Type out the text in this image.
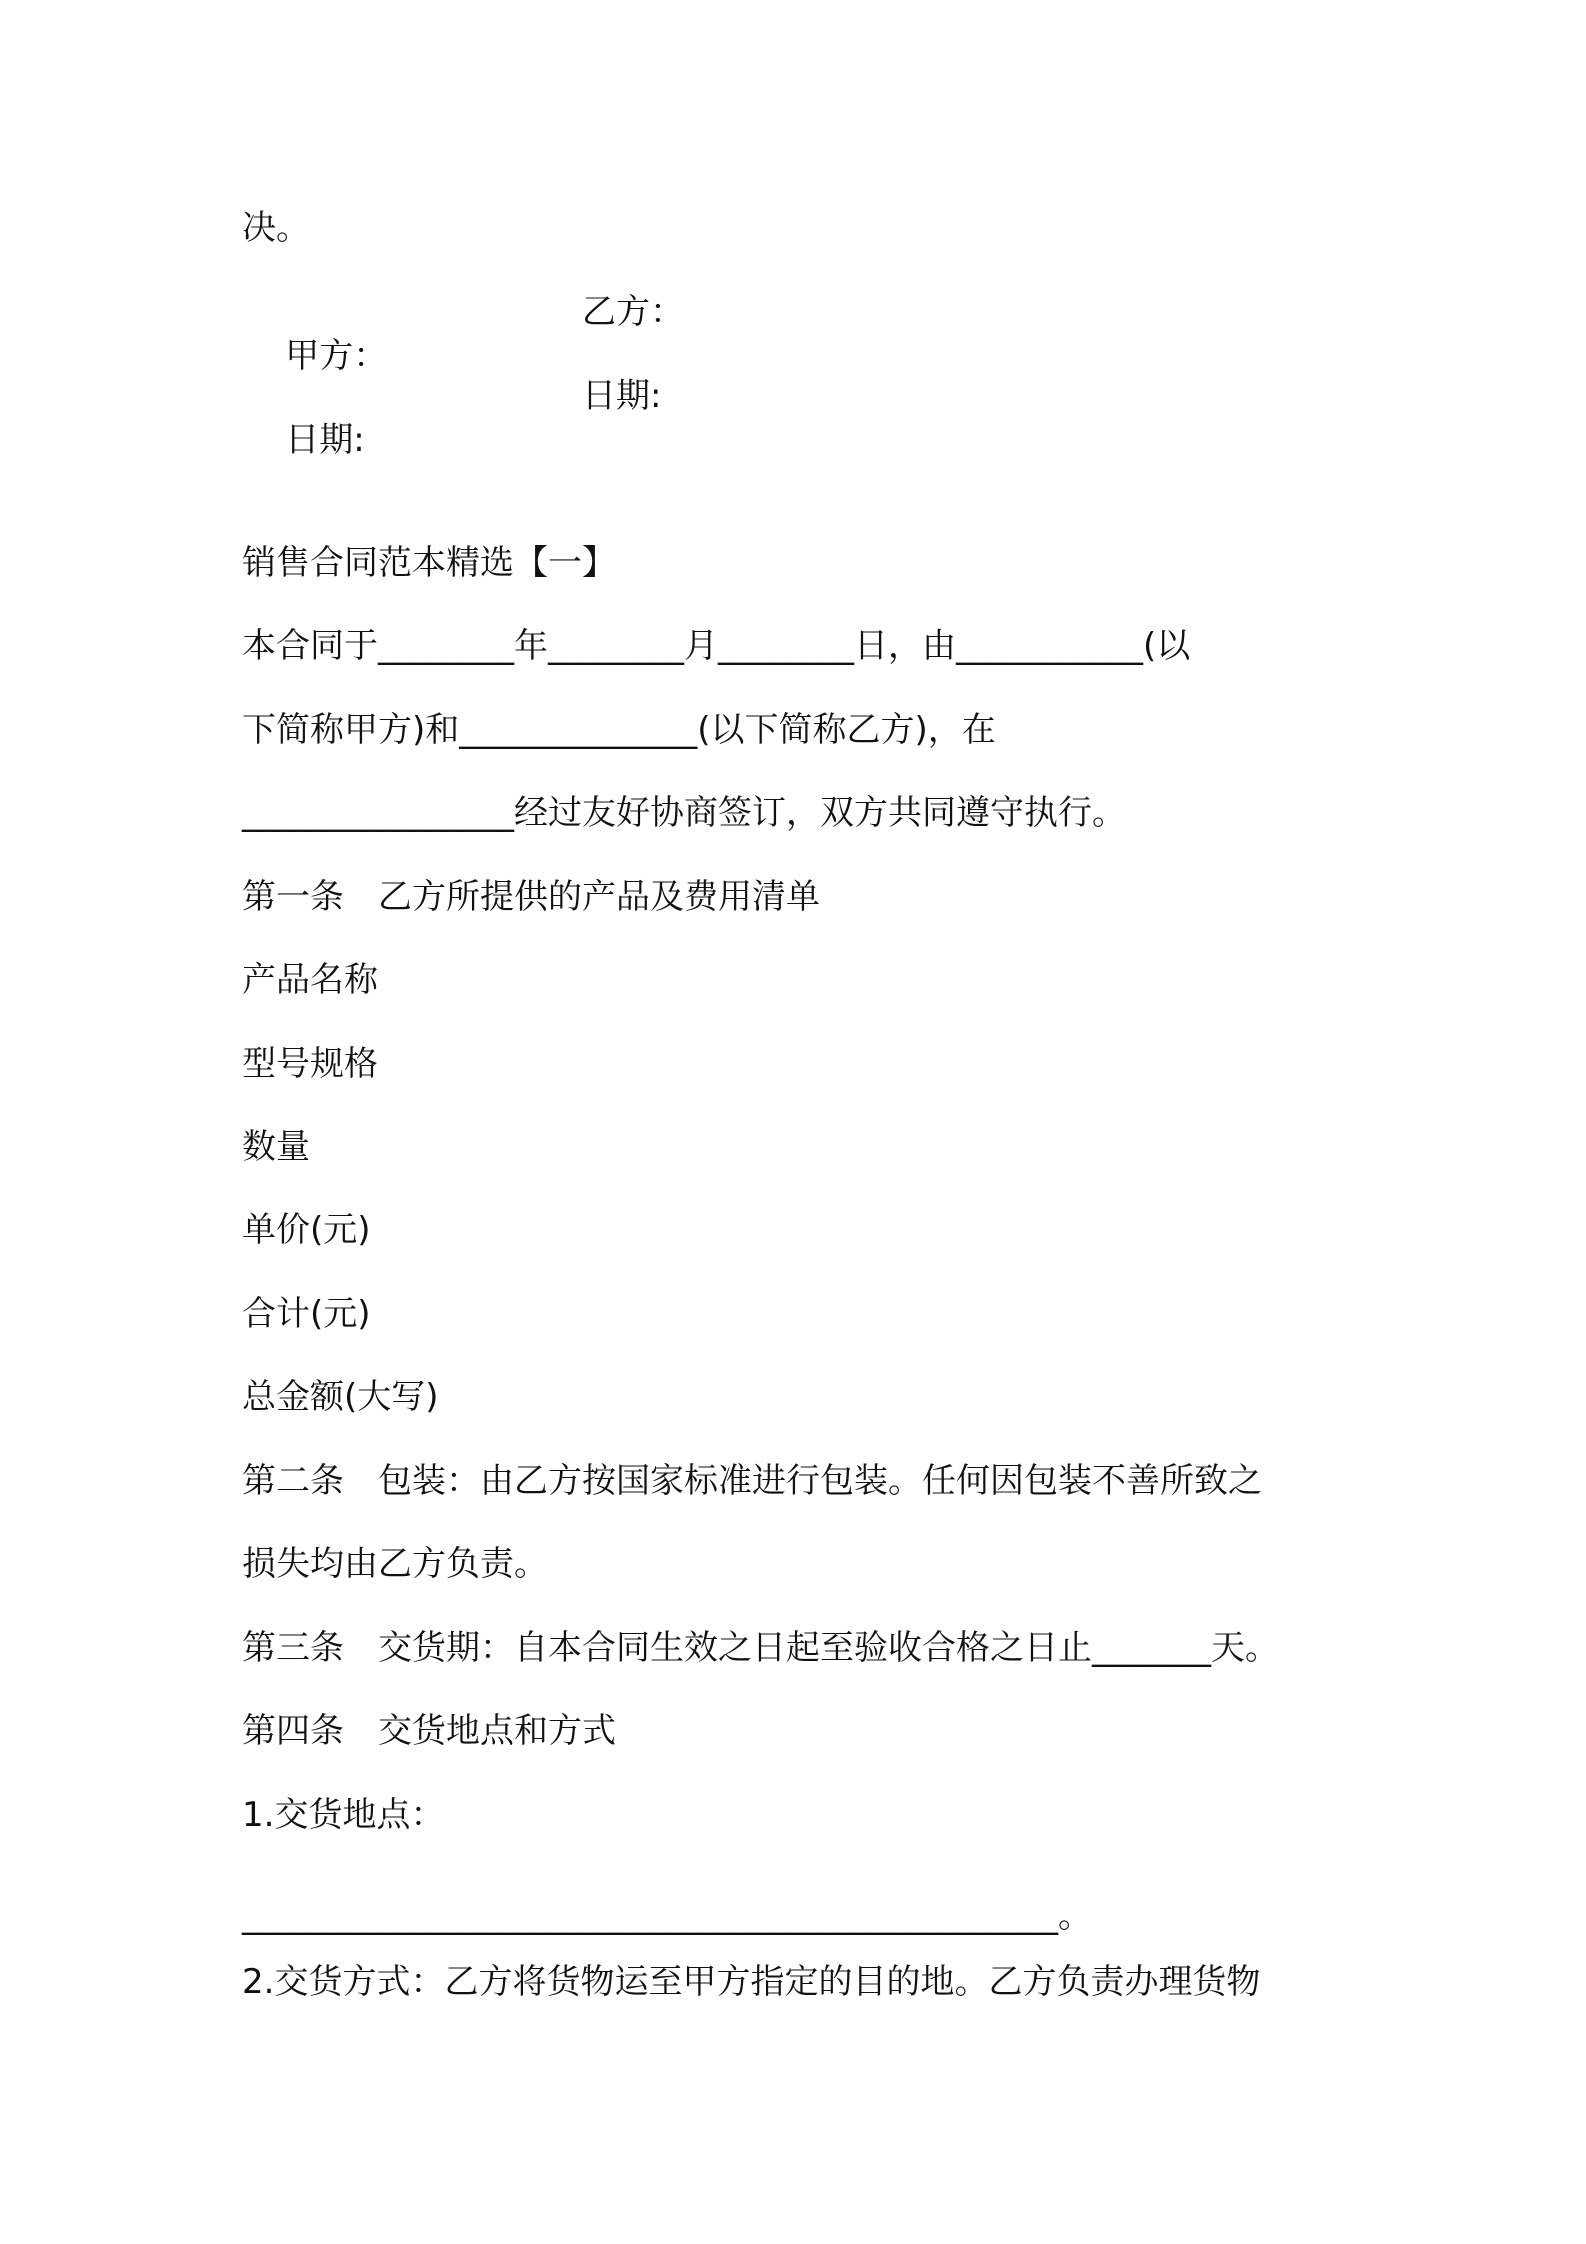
决。

甲方：

乙方：

日期:

日期:

销售合同范本精选【一】
本合同于________年________月________日，由___________(以
下简称甲方)和______________(以下简称乙方)，在
________________经过友好协商签订，双方共同遵守执行。
第一条　乙方所提供的产品及费用清单
产品名称
型号规格
数量
单价(元)
合计(元)
总金额(大写)
第二条　包装：由乙方按国家标准进行包装。任何因包装不善所致之
损失均由乙方负责。
第三条　交货期：自本合同生效之日起至验收合格之日止_______天。
第四条　交货地点和方式
1.交货地点：
________________________________________________。
2.交货方式：乙方将货物运至甲方指定的目的地。乙方负责办理货物
